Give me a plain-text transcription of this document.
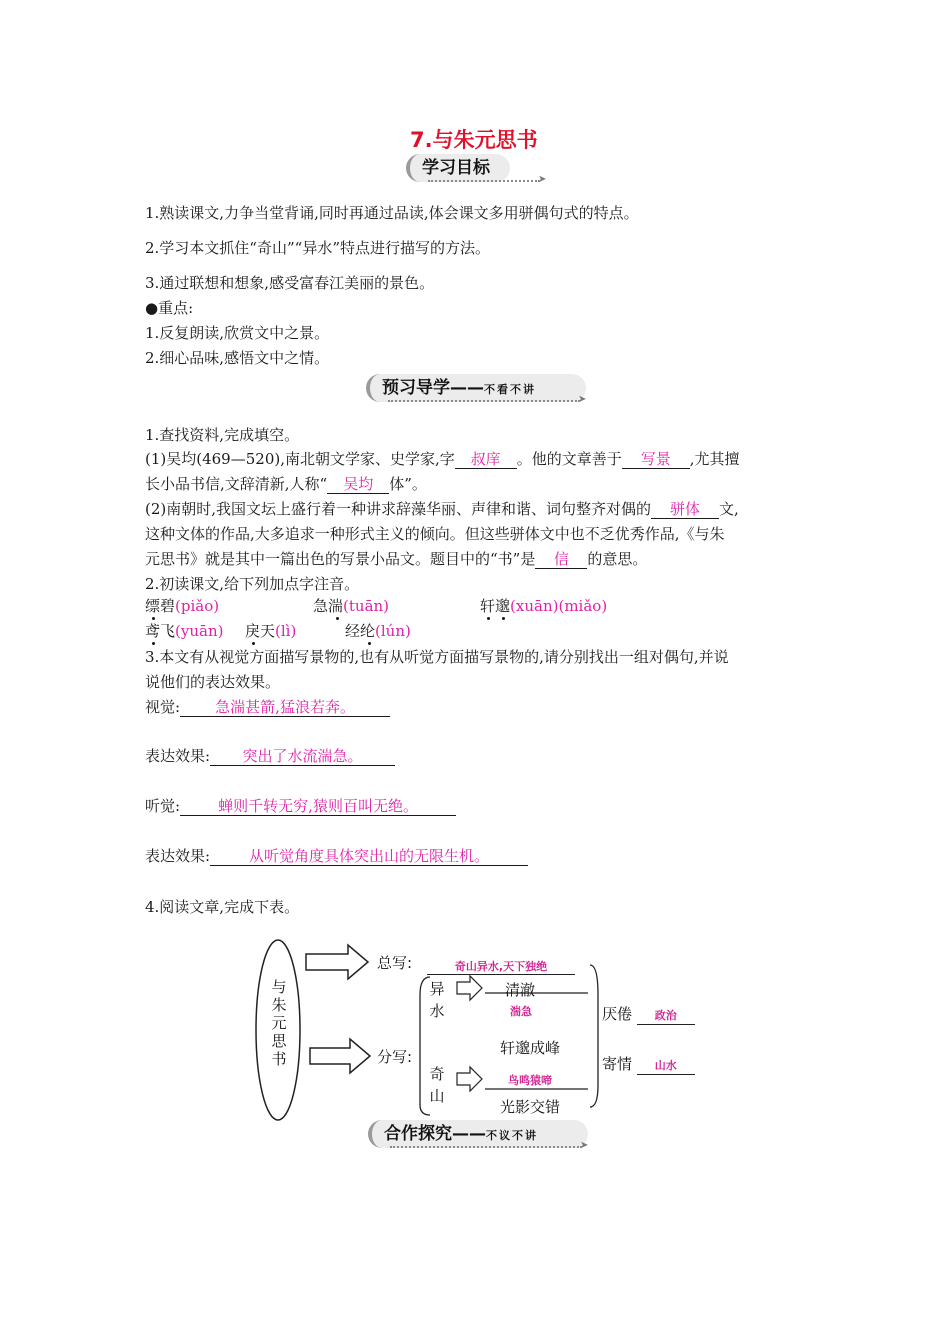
7.与朱元思书
学习目标
➤
1.熟读课文,力争当堂背诵,同时再通过品读,体会课文多用骈偶句式的特点。
2.学习本文抓住“奇山”“异水”特点进行描写的方法。
3.通过联想和想象,感受富春江美丽的景色。
●重点:
1.反复朗读,欣赏文中之景。
2.细心品味,感悟文中之情。
预习导学——不看不讲
➤
1.查找资料,完成填空。
(1)吴均(469—520),南北朝文学家、史学家,字 叔庠 。他的文章善于 写景 ,尤其擅
长小品书信,文辞清新,人称“ 吴均 体”。
(2)南朝时,我国文坛上盛行着一种讲求辞藻华丽、声律和谐、词句整齐对偶的 骈体 文,
这种文体的作品,大多追求一种形式主义的倾向。但这些骈体文中也不乏优秀作品,《与朱
元思书》就是其中一篇出色的写景小品文。题目中的“书”是 信 的意思。
2.初读课文,给下列加点字注音。
缥碧(piǎo)	急湍(tuān)	轩邈(xuān)(miǎo)
鸢飞(yuān) 戾天(lì)	经纶(lún)
3.本文有从视觉方面描写景物的,也有从听觉方面描写景物的,请分别找出一组对偶句,并说
说他们的表达效果。
视觉: 急湍甚箭,猛浪若奔。
表达效果: 突出了水流湍急。
听觉:	蝉则千转无穷,猿则百叫无绝。
表达效果:	从听觉角度具体突出山的无限生机。
4.阅读文章,完成下表。
与
朱
元
思
书
总写:	奇山异水,天下独绝
分写:
异
水
清澈
湍急
奇
山
轩邈成峰
鸟鸣猿啼
光影交错
厌倦 政治
寄情 山水
合作探究——不议不讲
➤
